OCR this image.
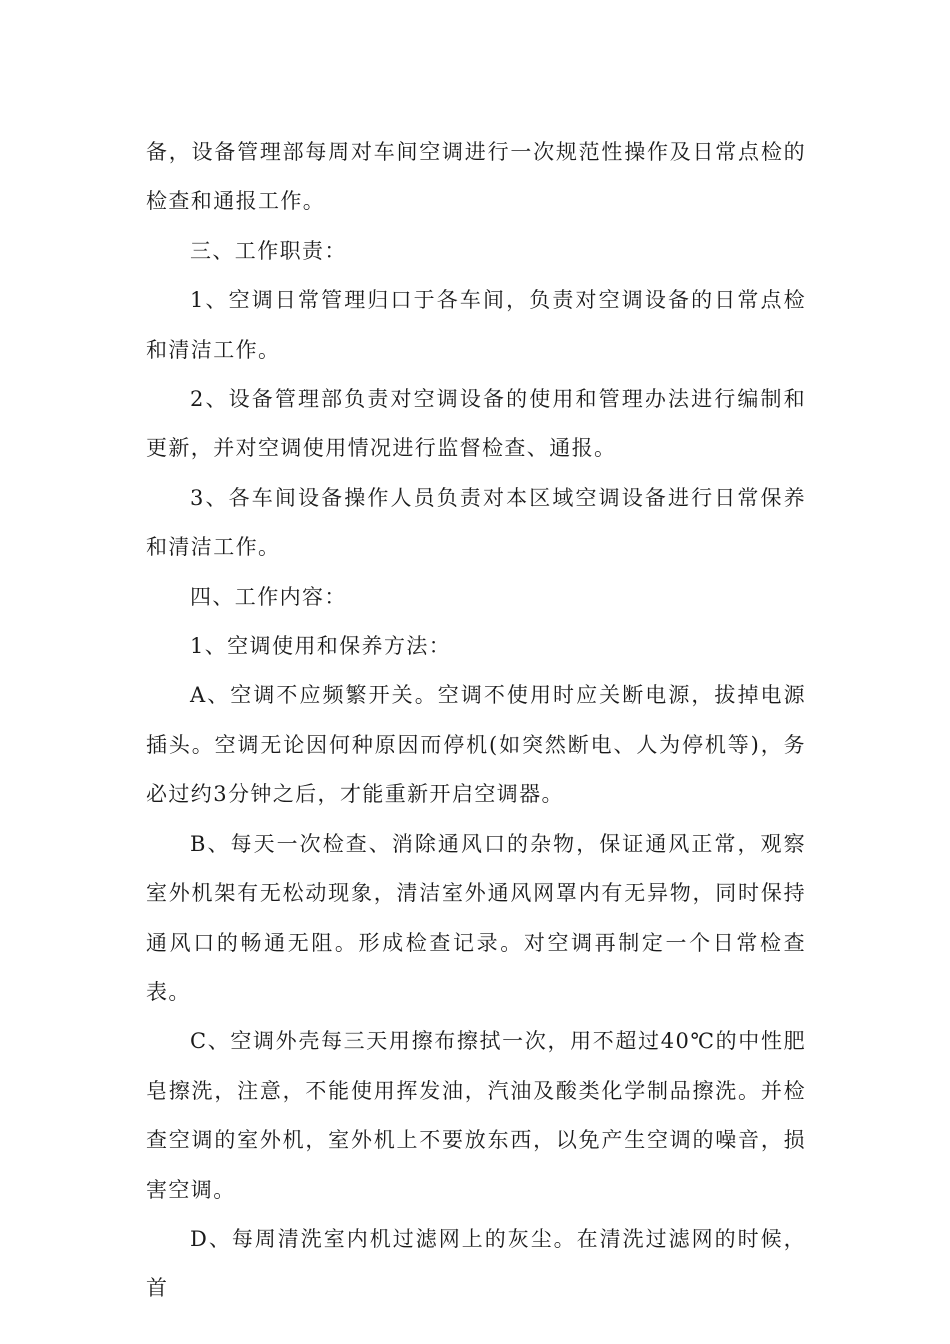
备，设备管理部每周对车间空调进行一次规范性操作及日常点检的检查和通报工作。

三、工作职责：

1、空调日常管理归口于各车间，负责对空调设备的日常点检和清洁工作。

2、设备管理部负责对空调设备的使用和管理办法进行编制和更新，并对空调使用情况进行监督检查、通报。

3、各车间设备操作人员负责对本区域空调设备进行日常保养和清洁工作。

四、工作内容：

1、空调使用和保养方法：

A、空调不应频繁开关。空调不使用时应关断电源，拔掉电源插头。空调无论因何种原因而停机(如突然断电、人为停机等)，务必过约3分钟之后，才能重新开启空调器。

B、每天一次检查、消除通风口的杂物，保证通风正常，观察室外机架有无松动现象，清洁室外通风网罩内有无异物，同时保持通风口的畅通无阻。形成检查记录。对空调再制定一个日常检查表。

C、空调外壳每三天用擦布擦拭一次，用不超过40℃的中性肥皂擦洗，注意，不能使用挥发油，汽油及酸类化学制品擦洗。并检查空调的室外机，室外机上不要放东西，以免产生空调的噪音，损害空调。

D、每周清洗室内机过滤网上的灰尘。在清洗过滤网的时候，首
